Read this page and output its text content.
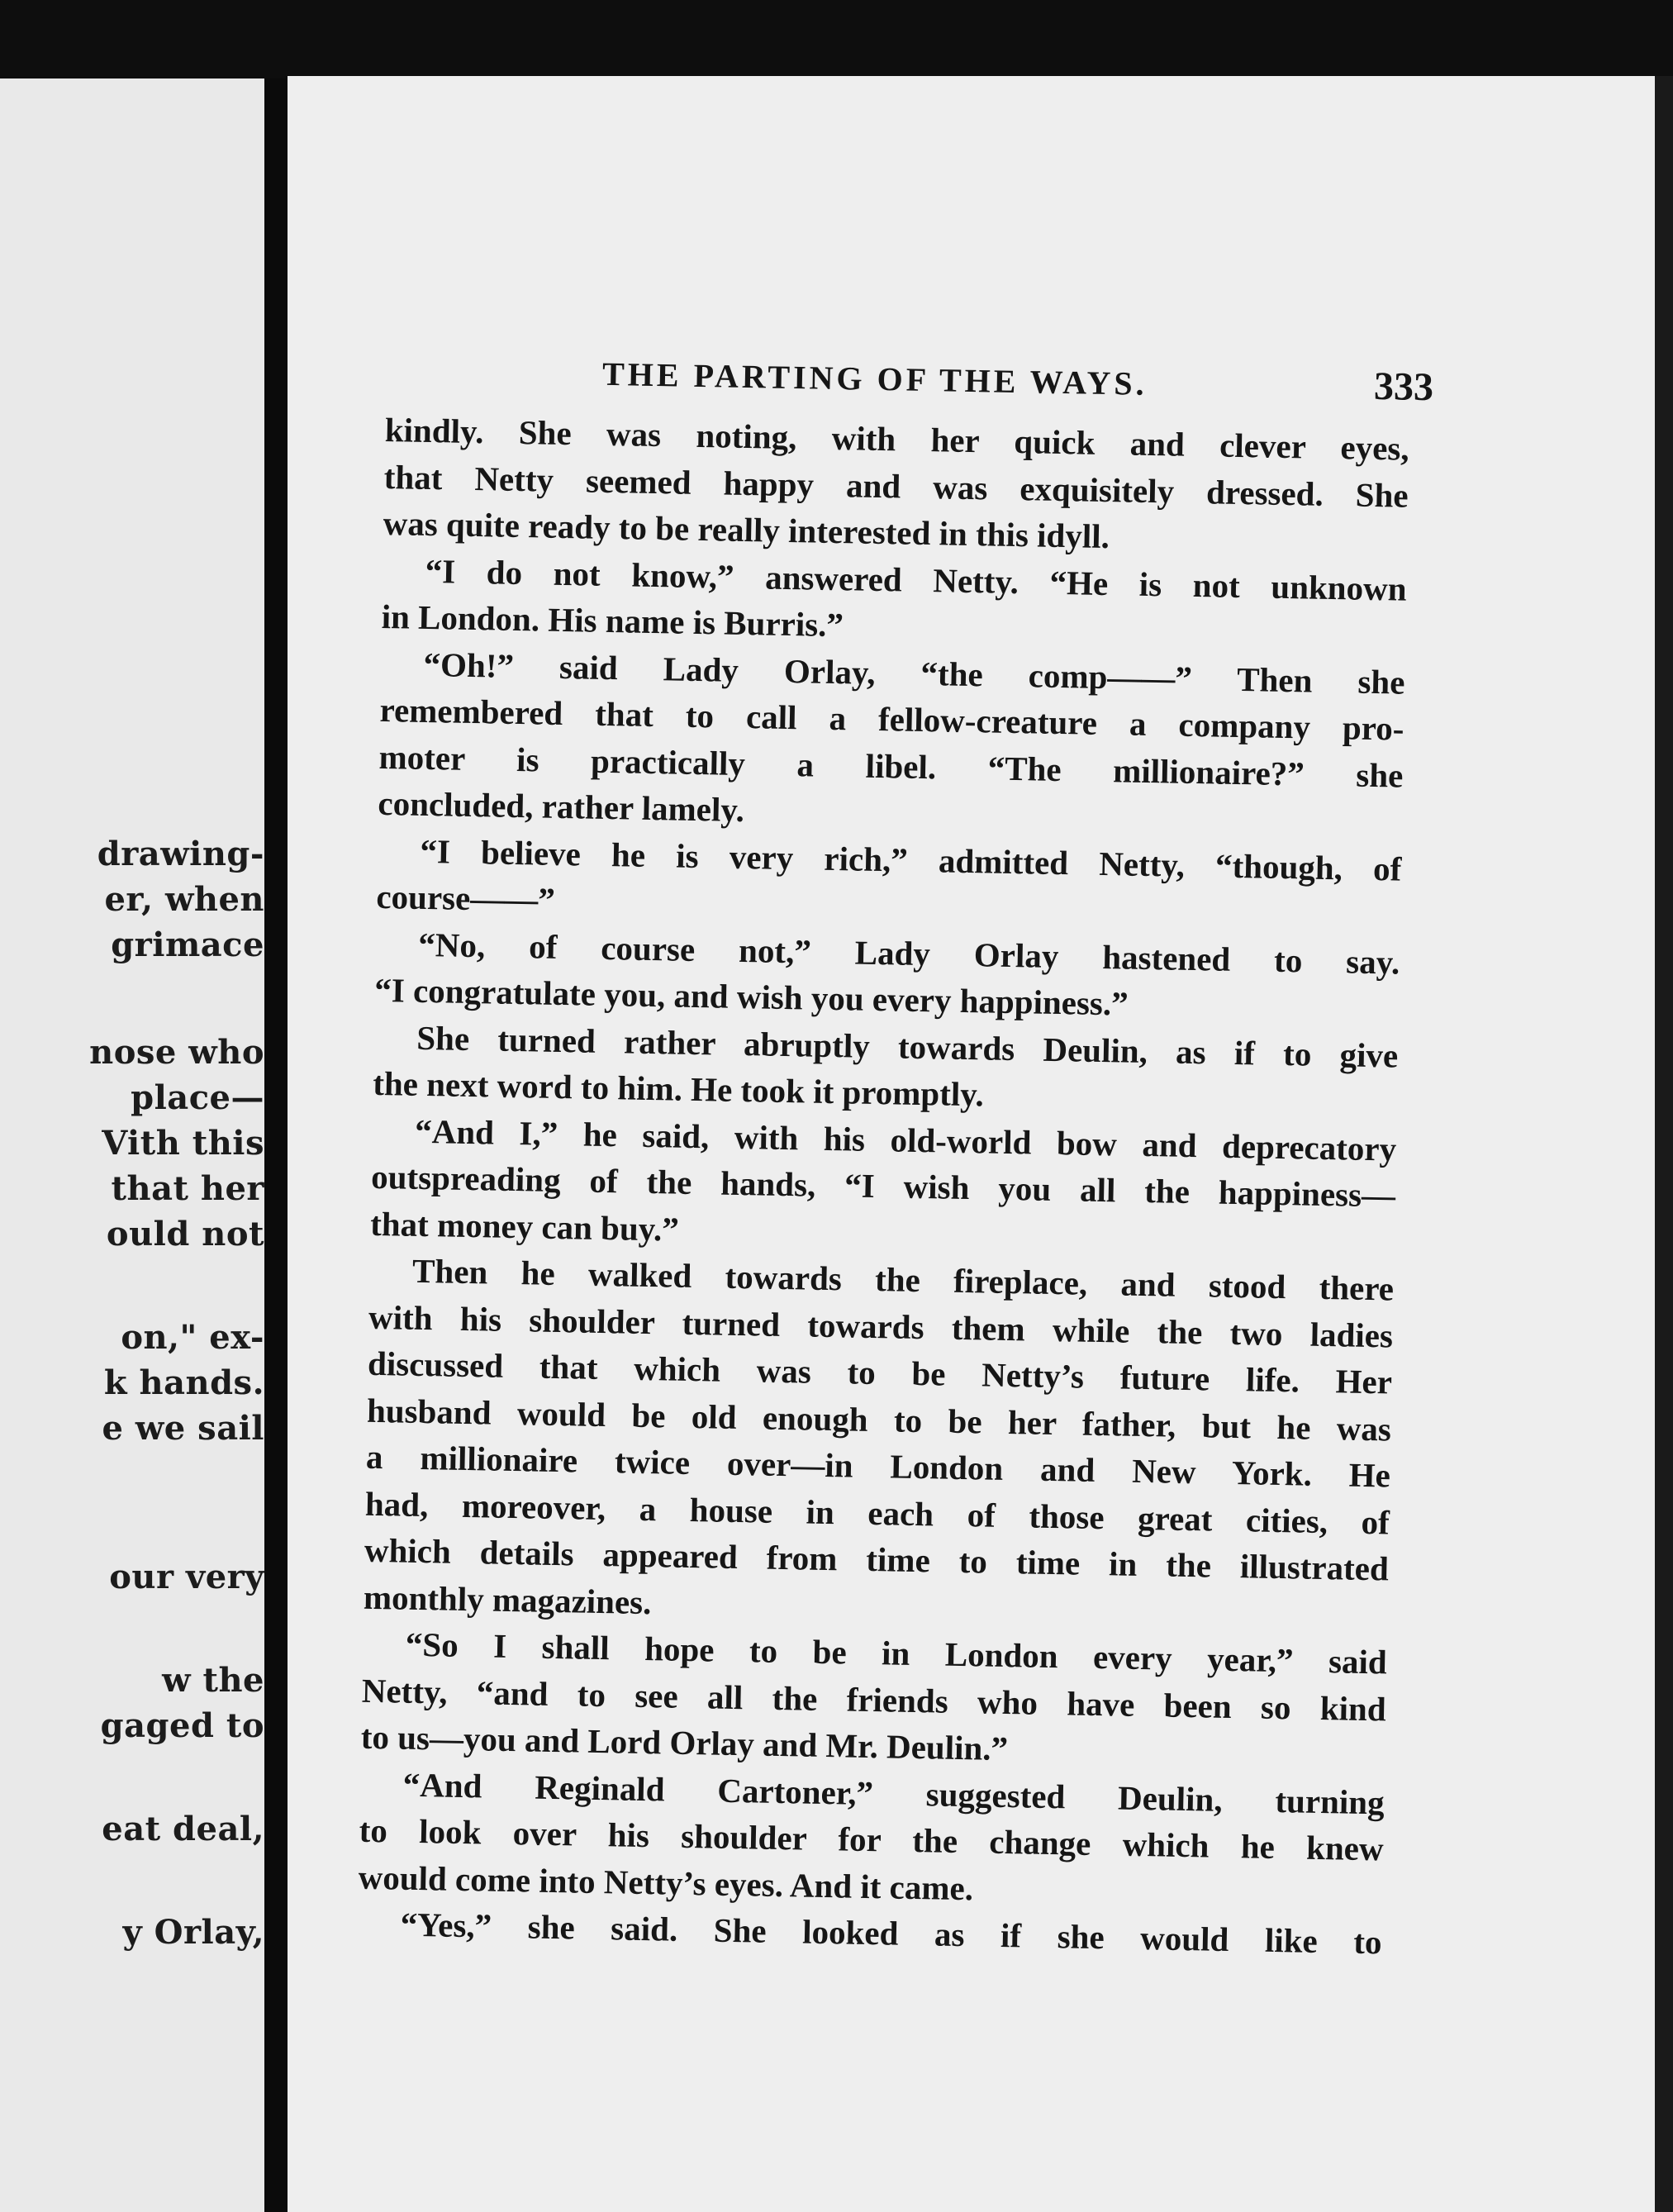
drawing-
er, when
grimace
nose who
place—
Vith this
that her
ould not
on," ex-
k hands.
e we sail
our very
w the
gaged to
eat deal,
y Orlay,
THE PARTING OF THE WAYS.	333
kindly. She was noting, with her quick and clever eyes,
that Netty seemed happy and was exquisitely dressed. She
was quite ready to be really interested in this idyll.
“I do not know,” answered Netty. “He is not unknown
in London. His name is Burris.”
“Oh!” said Lady Orlay, “the comp——” Then she
remembered that to call a fellow-creature a company pro-
moter is practically a libel. “The millionaire?” she
concluded, rather lamely.
“I believe he is very rich,” admitted Netty, “though, of
course——”
“No, of course not,” Lady Orlay hastened to say.
“I congratulate you, and wish you every happiness.”
She turned rather abruptly towards Deulin, as if to give
the next word to him. He took it promptly.
“And I,” he said, with his old-world bow and deprecatory
outspreading of the hands, “I wish you all the happiness—
that money can buy.”
Then he walked towards the fireplace, and stood there
with his shoulder turned towards them while the two ladies
discussed that which was to be Netty’s future life. Her
husband would be old enough to be her father, but he was
a millionaire twice over—in London and New York. He
had, moreover, a house in each of those great cities, of
which details appeared from time to time in the illustrated
monthly magazines.
“So I shall hope to be in London every year,” said
Netty, “and to see all the friends who have been so kind
to us—you and Lord Orlay and Mr. Deulin.”
“And Reginald Cartoner,” suggested Deulin, turning
to look over his shoulder for the change which he knew
would come into Netty’s eyes. And it came.
“Yes,” she said. She looked as if she would like to
